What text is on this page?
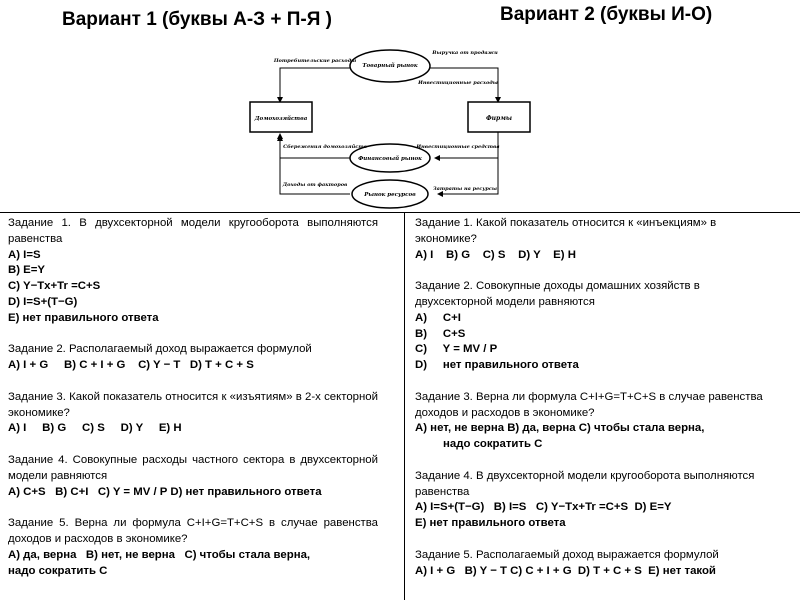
Вариант 1 (буквы А-З + П-Я )	Вариант 2 (буквы И-О)
Домохозяйства	Фирмы
Товарный рынок
Финансовый рынок
Рынок ресурсов
Потребительские расходы
Выручка от продажи
Инвестиционные расходы
Сбережения домохозяйств	Инвестиционные средства
Доходы от факторов
Затраты на ресурсы

Задание 1. В двухсекторной модели кругооборота выполняются равенства

A) I=S

B) E=Y

C) Y−Tx+Tr =C+S

D) I=S+(T−G)

E) нет правильного ответа

Задание 2. Располагаемый доход выражается формулой

A) I + G     B) C + I + G    C) Y − T   D) T + C + S

Задание 3. Какой показатель относится к «изъятиям» в 2-х секторной экономике?

A) I     B) G     C) S     D) Y     E) H

Задание 4. Совокупные расходы частного сектора в двухсекторной модели равняются

A) C+S   B) C+I   C) Y = MV / P D) нет правильного ответа

Задание 5. Верна ли формула C+I+G=T+C+S в случае равенства доходов и расходов в экономике?

A) да, верна   B) нет, не верна   C) чтобы стала верна,

надо сократить C

Задание 1. Какой показатель относится к «инъекциям» в экономике?

A) I    B) G    C) S    D) Y    E) H

Задание 2. Совокупные доходы домашних хозяйств в двухсекторной модели равняются

A)     C+I

B)     C+S

C)     Y = MV / P

D)     нет правильного ответа

Задание 3. Верна ли формула C+I+G=T+C+S в случае равенства доходов и расходов в экономике?

A) нет, не верна B) да, верна C) чтобы стала верна,

надо сократить C

Задание 4. В двухсекторной модели кругооборота выполняются равенства

A) I=S+(T−G)   B) I=S   C) Y−Tx+Tr =C+S  D) E=Y

E) нет правильного ответа

Задание 5. Располагаемый доход выражается формулой

A) I + G   B) Y − T C) C + I + G  D) T + C + S  E) нет такой
